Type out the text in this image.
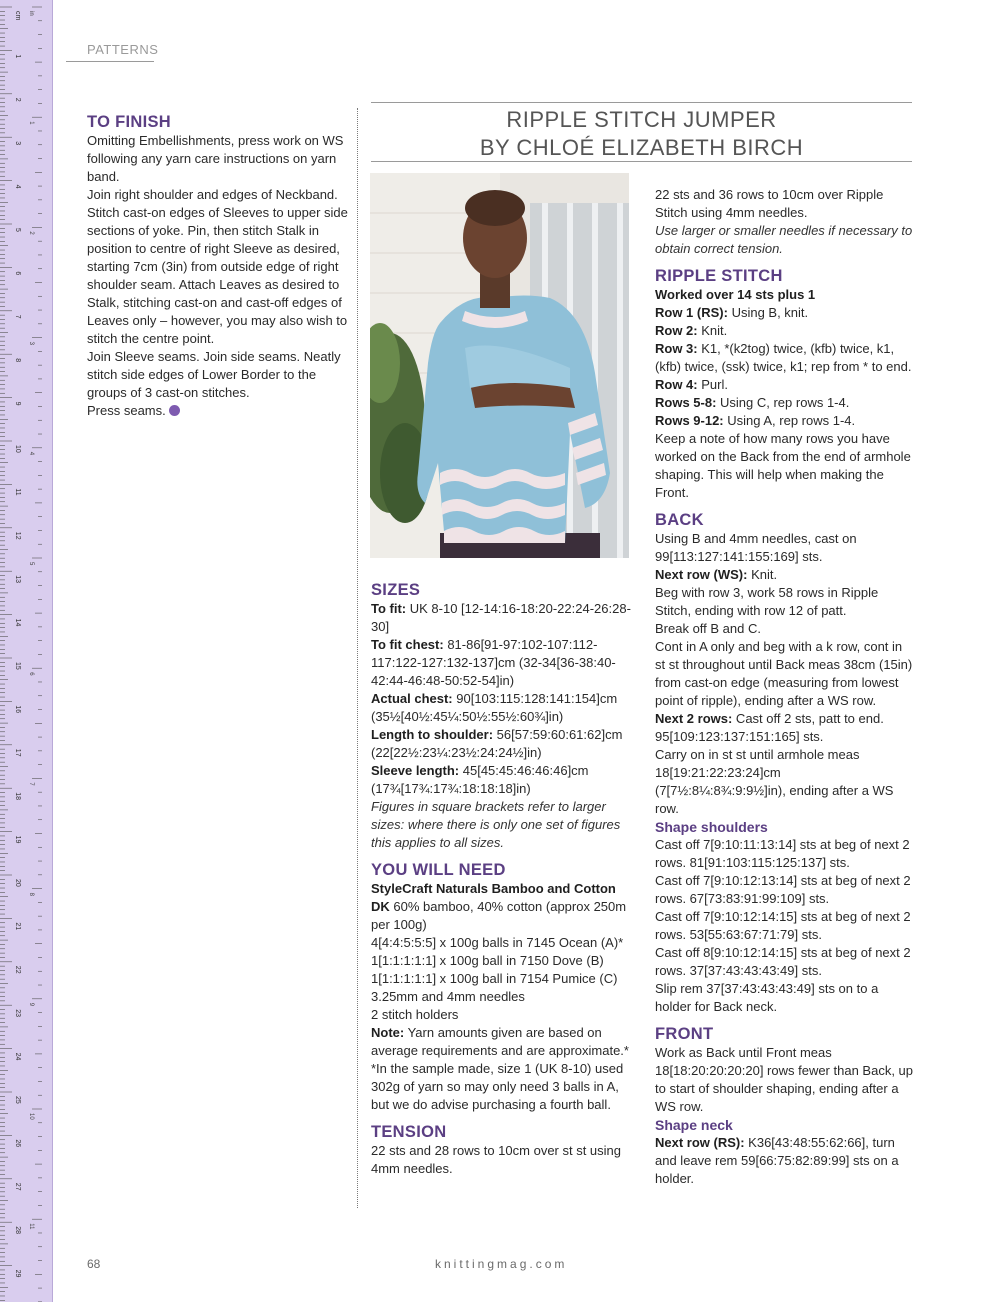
cm
1
2
3
4
5
6
7
8
9
10
11
12
13
14
15
16
17
18
19
20
21
22
23
24
25
26
27
28
29
in
1
2
3
4
5
6
7
8
9
10
11
PATTERNS
TO FINISH

Omitting Embellishments, press work on WS following any yarn care instructions on yarn band.

Join right shoulder and edges of Neckband. Stitch cast-on edges of Sleeves to upper side sections of yoke. Pin, then stitch Stalk in position to centre of right Sleeve as desired, starting 7cm (3in) from outside edge of right shoulder seam. Attach Leaves as desired to Stalk, stitching cast-on and cast-off edges of Leaves only – however, you may also wish to stitch the centre point.

Join Sleeve seams. Join side seams. Neatly stitch side edges of Lower Border to the groups of 3 cast-on stitches.

Press seams.

RIPPLE STITCH JUMPER
BY CHLOÉ ELIZABETH BIRCH
SIZES

To fit: UK 8-10 [12-14:16-18:20-22:24-26:28-30]

To fit chest: 81-86[91-97:102-107:112-117:122-127:132-137]cm (32-34[36-38:40-42:44-46:48-50:52-54]in)

Actual chest: 90[103:115:128:141:154]cm (35½[40½:45¼:50½:55½:60¾]in)

Length to shoulder: 56[57:59:60:61:62]cm (22[22½:23¼:23½:24:24½]in)

Sleeve length: 45[45:45:46:46:46]cm (17¾[17¾:17¾:18:18:18]in)

Figures in square brackets refer to larger sizes: where there is only one set of figures this applies to all sizes.

YOU WILL NEED

StyleCraft Naturals Bamboo and Cotton DK 60% bamboo, 40% cotton (approx 250m per 100g)

4[4:4:5:5:5] x 100g balls in 7145 Ocean (A)*

1[1:1:1:1:1] x 100g ball in 7150 Dove (B)

1[1:1:1:1:1] x 100g ball in 7154 Pumice (C)

3.25mm and 4mm needles

2 stitch holders

Note: Yarn amounts given are based on average requirements and are approximate.*

*In the sample made, size 1 (UK 8-10) used 302g of yarn so may only need 3 balls in A, but we do advise purchasing a fourth ball.

TENSION

22 sts and 28 rows to 10cm over st st using 4mm needles.

22 sts and 36 rows to 10cm over Ripple Stitch using 4mm needles.

Use larger or smaller needles if necessary to obtain correct tension.

RIPPLE STITCH

Worked over 14 sts plus 1

Row 1 (RS): Using B, knit.

Row 2: Knit.

Row 3: K1, *(k2tog) twice, (kfb) twice, k1, (kfb) twice, (ssk) twice, k1; rep from * to end.

Row 4: Purl.

Rows 5-8: Using C, rep rows 1-4.

Rows 9-12: Using A, rep rows 1-4.

Keep a note of how many rows you have worked on the Back from the end of armhole shaping. This will help when making the Front.

BACK

Using B and 4mm needles, cast on 99[113:127:141:155:169] sts.

Next row (WS): Knit.

Beg with row 3, work 58 rows in Ripple Stitch, ending with row 12 of patt.

Break off B and C.

Cont in A only and beg with a k row, cont in st st throughout until Back meas 38cm (15in) from cast-on edge (measuring from lowest point of ripple), ending after a WS row.

Next 2 rows: Cast off 2 sts, patt to end. 95[109:123:137:151:165] sts.

Carry on in st st until armhole meas 18[19:21:22:23:24]cm (7[7½:8¼:8¾:9:9½]in), ending after a WS row.

Shape shoulders

Cast off 7[9:10:11:13:14] sts at beg of next 2 rows. 81[91:103:115:125:137] sts.

Cast off 7[9:10:12:13:14] sts at beg of next 2 rows. 67[73:83:91:99:109] sts.

Cast off 7[9:10:12:14:15] sts at beg of next 2 rows. 53[55:63:67:71:79] sts.

Cast off 8[9:10:12:14:15] sts at beg of next 2 rows. 37[37:43:43:43:49] sts.

Slip rem 37[37:43:43:43:49] sts on to a holder for Back neck.

FRONT

Work as Back until Front meas 18[18:20:20:20:20] rows fewer than Back, up to start of shoulder shaping, ending after a WS row.

Shape neck

Next row (RS): K36[43:48:55:62:66], turn and leave rem 59[66:75:82:89:99] sts on a holder.

68	knittingmag.com
